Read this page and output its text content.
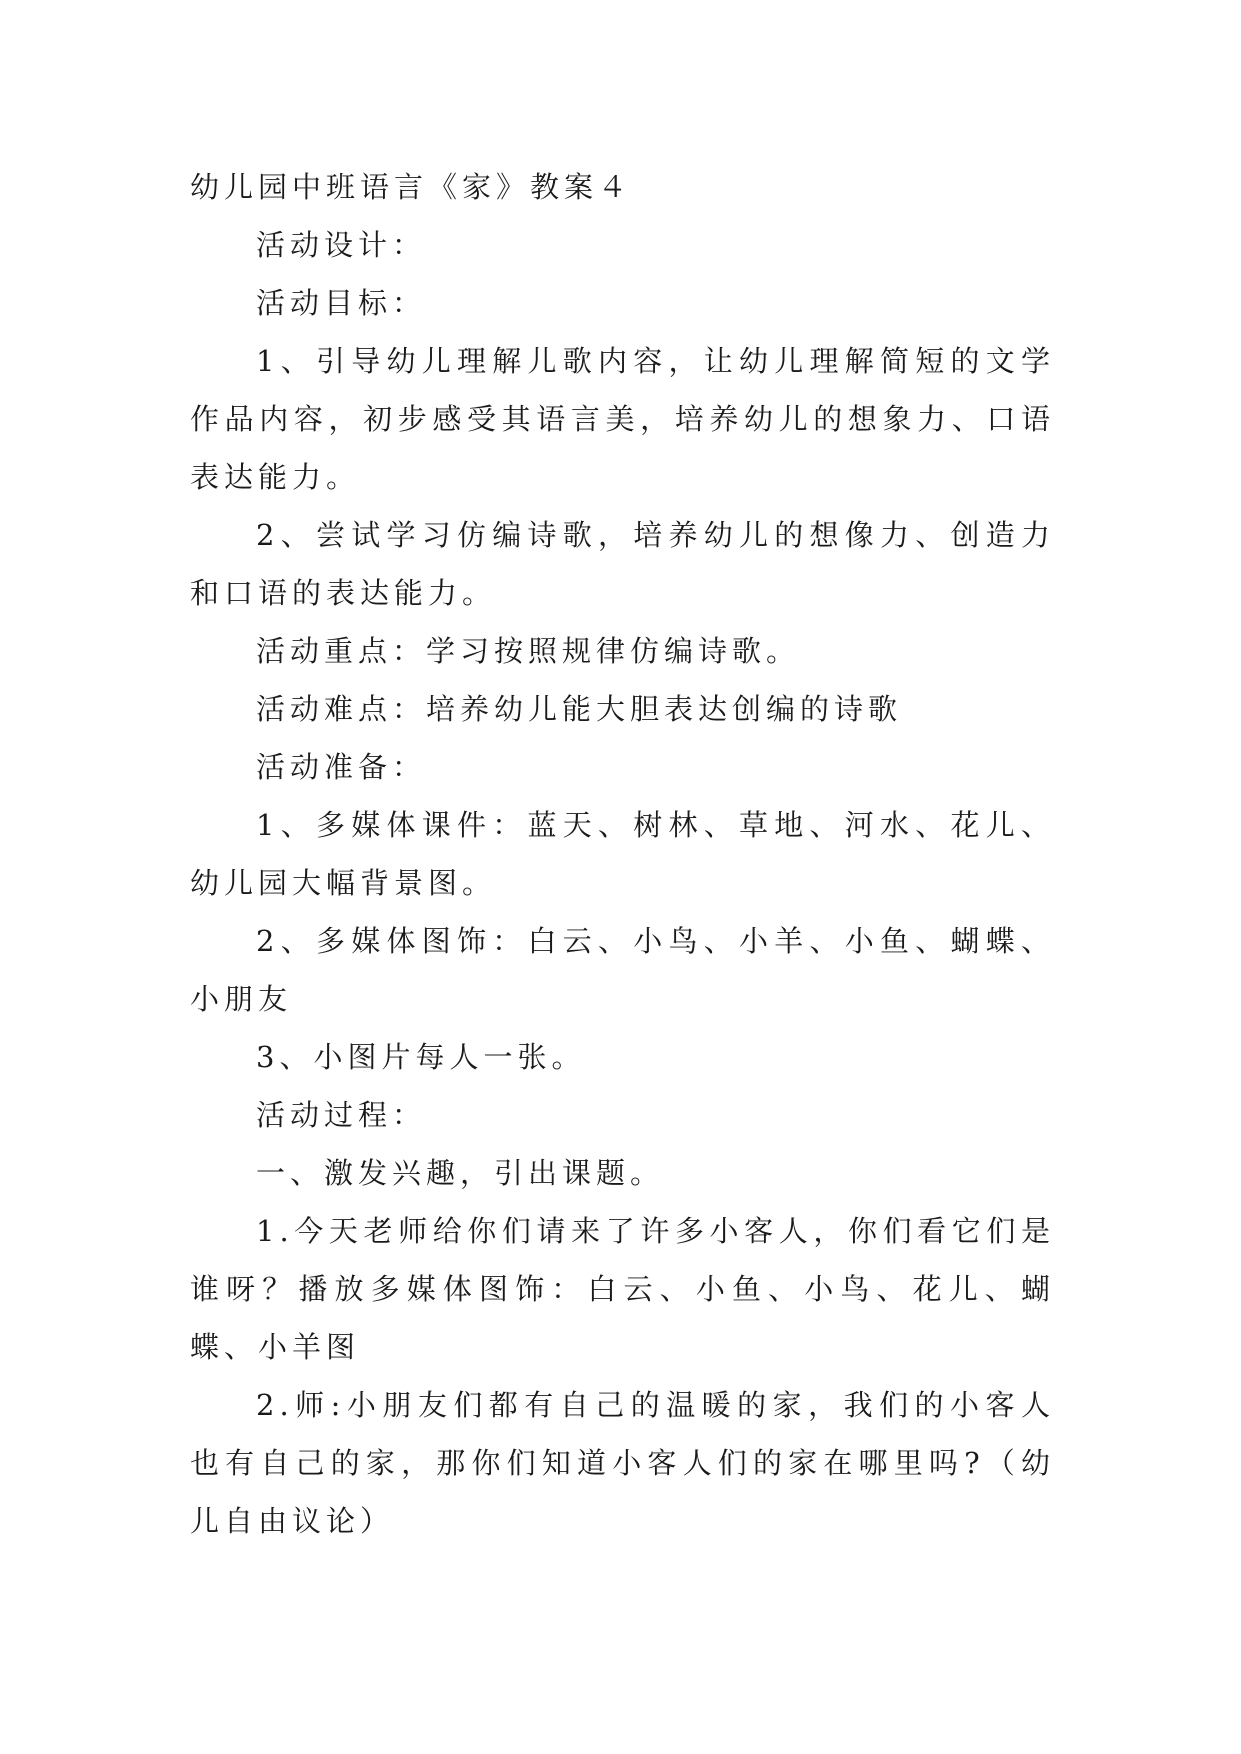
幼儿园中班语言《家》教案４

活动设计：

活动目标：

1、引导幼儿理解儿歌内容，让幼儿理解简短的文学作品内容，初步感受其语言美，培养幼儿的想象力、口语表达能力。

2、尝试学习仿编诗歌，培养幼儿的想像力、创造力和口语的表达能力。

活动重点：学习按照规律仿编诗歌。

活动难点：培养幼儿能大胆表达创编的诗歌

活动准备：

1、多媒体课件：蓝天、树林、草地、河水、花儿、幼儿园大幅背景图。

2、多媒体图饰：白云、小鸟、小羊、小鱼、蝴蝶、小朋友

3、小图片每人一张。

活动过程：

一、激发兴趣，引出课题。

1.今天老师给你们请来了许多小客人，你们看它们是谁呀？播放多媒体图饰：白云、小鱼、小鸟、花儿、蝴蝶、小羊图

2.师:小朋友们都有自己的温暖的家，我们的小客人也有自己的家，那你们知道小客人们的家在哪里吗?（幼儿自由议论）
